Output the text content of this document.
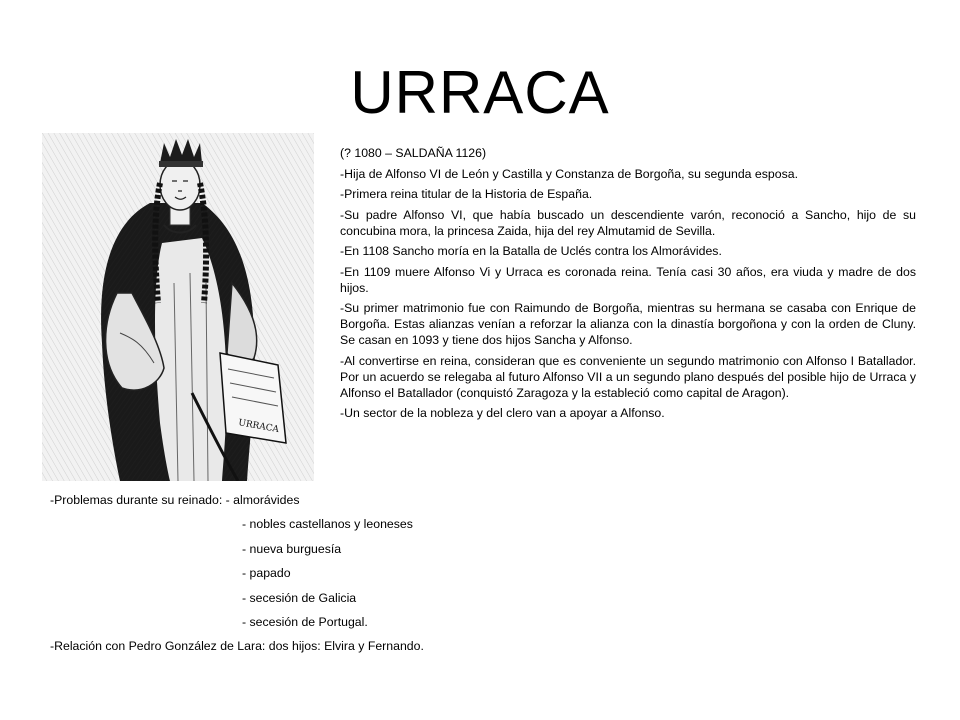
URRACA
URRACA

(? 1080 – SALDAÑA 1126)

-Hija de Alfonso VI de León y Castilla y Constanza de Borgoña, su segunda esposa.

-Primera reina titular de la Historia de España.

-Su padre Alfonso VI, que había buscado un descendiente varón, reconoció a Sancho, hijo de su concubina mora, la princesa Zaida, hija del rey Almutamid de Sevilla.

-En 1108 Sancho moría en la Batalla de Uclés contra los Almorávides.

-En 1109 muere Alfonso Vi y Urraca es coronada reina. Tenía casi 30 años, era viuda y madre de dos hijos.

-Su primer matrimonio fue con Raimundo de Borgoña, mientras su hermana se casaba con Enrique de Borgoña. Estas alianzas venían a reforzar la alianza con la dinastía borgoñona y con la orden de Cluny. Se casan en 1093 y tiene dos hijos Sancha y Alfonso.

-Al convertirse en reina, consideran que es conveniente un segundo matrimonio con Alfonso I Batallador. Por un acuerdo se relegaba al futuro Alfonso VII a un segundo plano después del posible hijo de Urraca y Alfonso el Batallador (conquistó Zaragoza y la estableció como capital de Aragon).

-Un sector de la nobleza y del clero van a apoyar a Alfonso.

-Problemas durante su reinado: - almorávides
- nobles castellanos y leoneses
- nueva burguesía
- papado
- secesión de Galicia
- secesión de Portugal.
-Relación con Pedro González de Lara: dos hijos: Elvira y Fernando.
